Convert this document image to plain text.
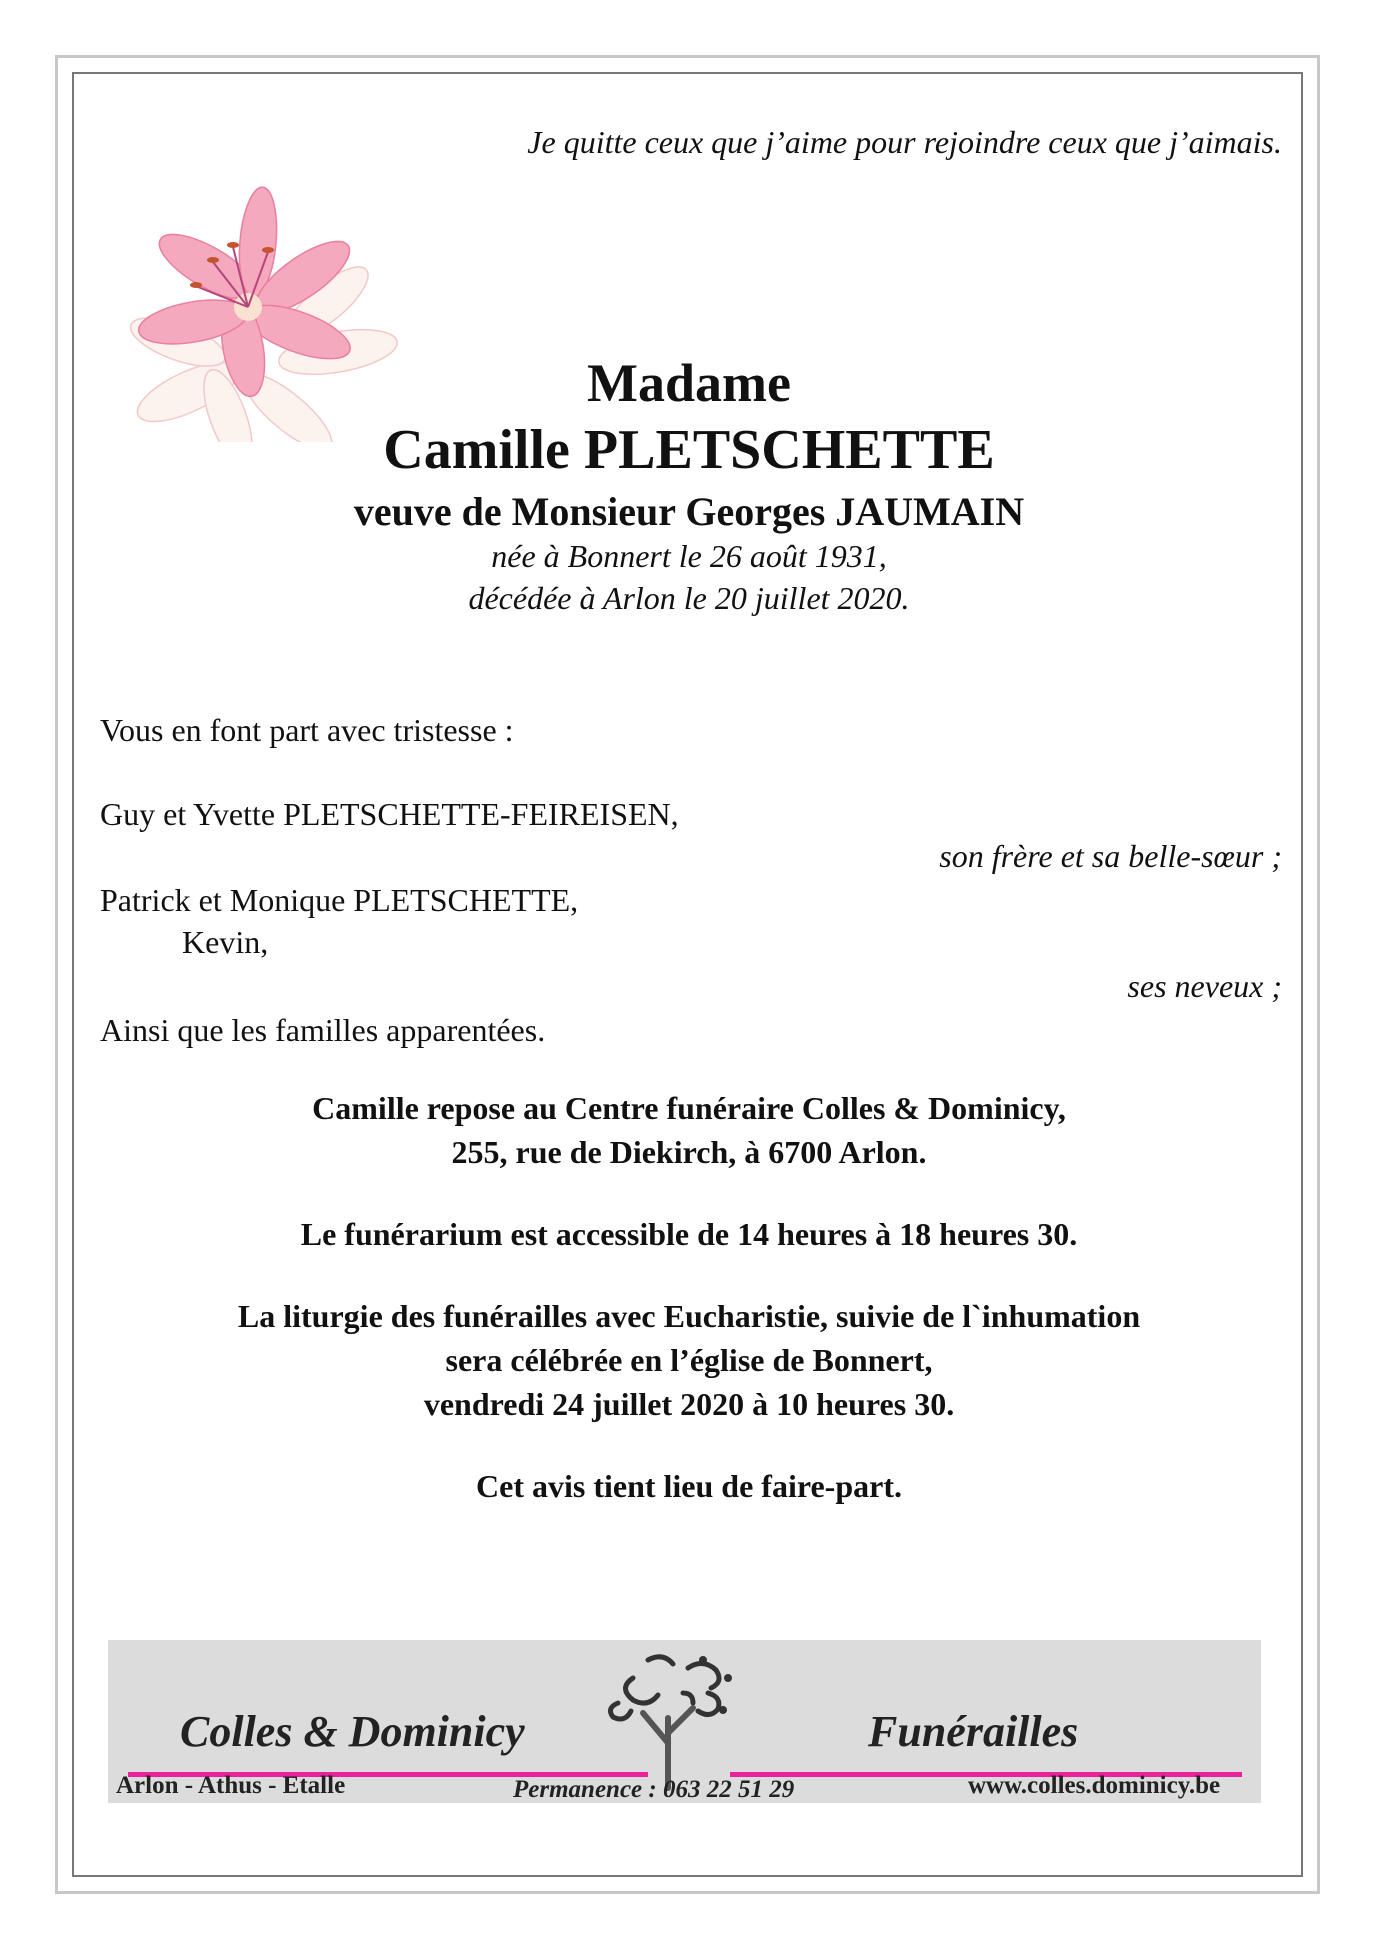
Je quitte ceux que j’aime pour rejoindre ceux que j’aimais.
Madame
Camille PLETSCHETTE
veuve de Monsieur Georges JAUMAIN
née à Bonnert le 26 août 1931,
décédée à Arlon le 20 juillet 2020.
Vous en font part avec tristesse :
Guy et Yvette PLETSCHETTE-FEIREISEN,
son frère et sa belle-sœur ;
Patrick et Monique PLETSCHETTE,
Kevin,
ses neveux ;
Ainsi que les familles apparentées.
Camille repose au Centre funéraire Colles & Dominicy,
255, rue de Diekirch, à 6700 Arlon.
Le funérarium est accessible de 14 heures à 18 heures 30.
La liturgie des funérailles avec Eucharistie, suivie de l`inhumation
sera célébrée en l’église de Bonnert,
vendredi 24 juillet 2020 à 10 heures 30.
Cet avis tient lieu de faire-part.
Colles & Dominicy	Funérailles
Arlon - Athus - Etalle	Permanence : 063 22 51 29	www.colles.dominicy.be
